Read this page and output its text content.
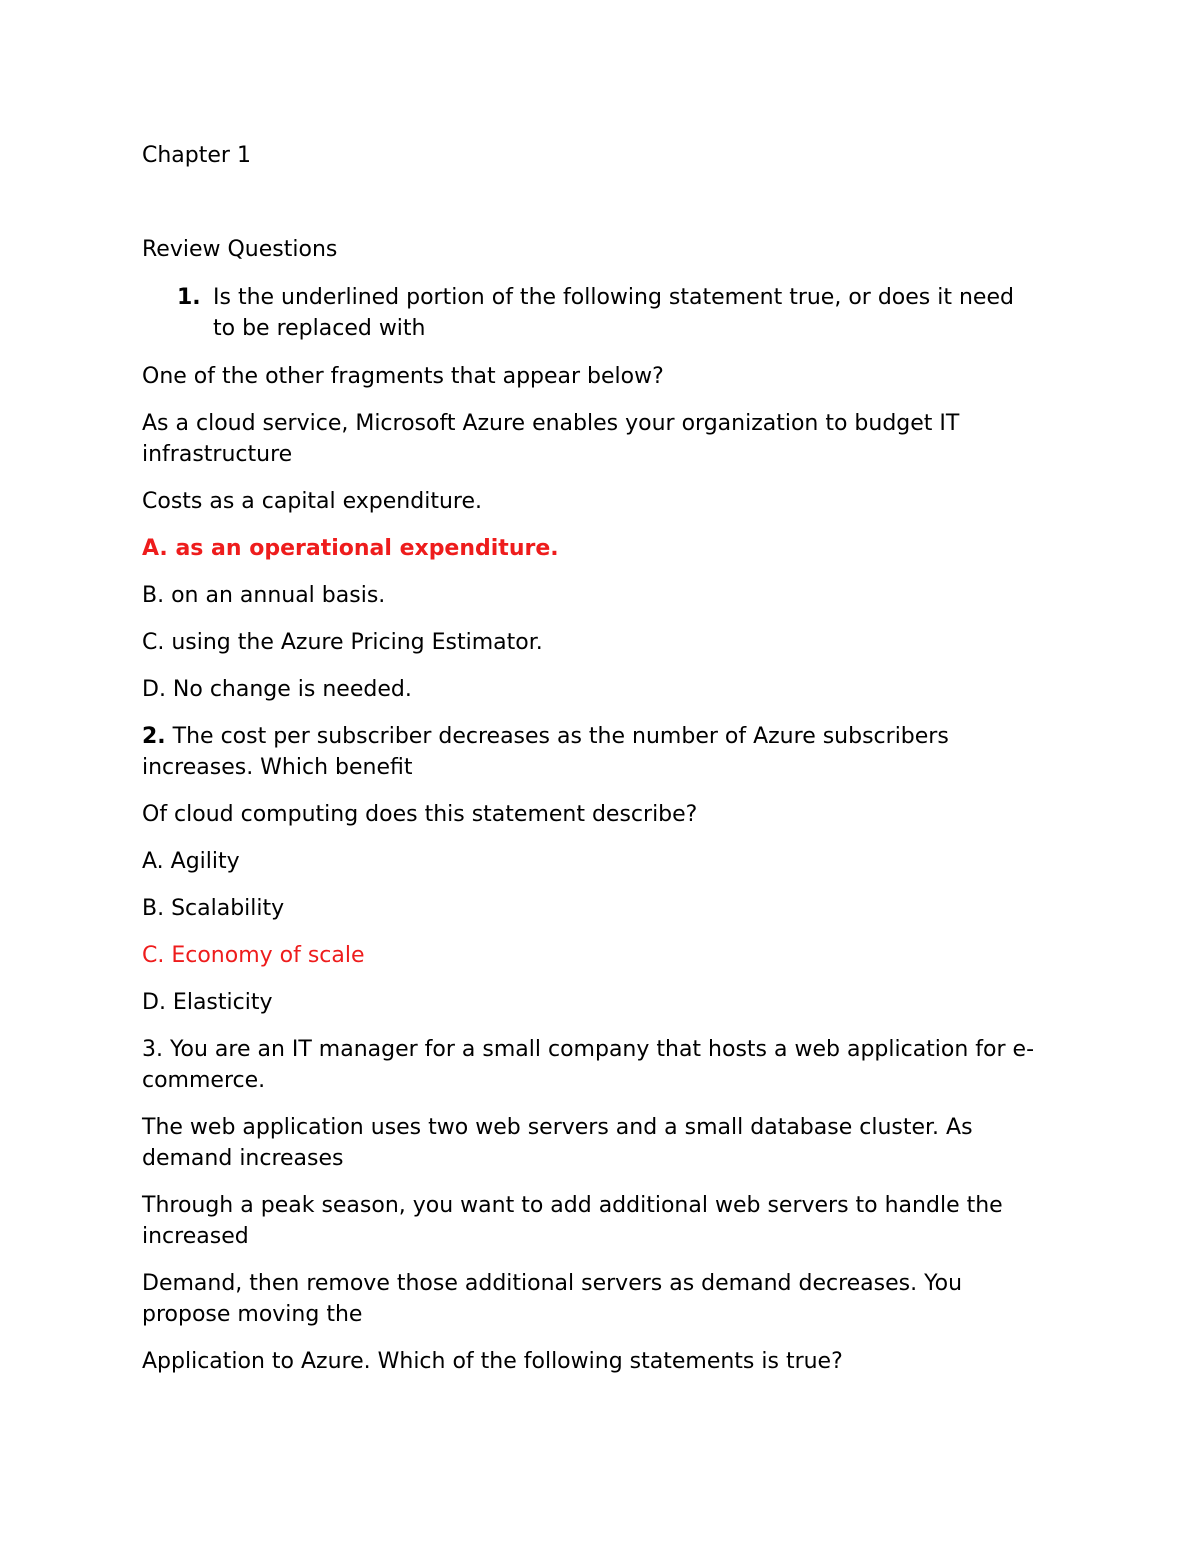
Chapter 1

Review Questions

1. Is the underlined portion of the following statement true, or does it need to be replaced with

One of the other fragments that appear below?

As a cloud service, Microsoft Azure enables your organization to budget IT infrastructure

Costs as a capital expenditure.

A. as an operational expenditure.

B. on an annual basis.

C. using the Azure Pricing Estimator.

D. No change is needed.

2. The cost per subscriber decreases as the number of Azure subscribers increases. Which benefit

Of cloud computing does this statement describe?

A. Agility

B. Scalability

C. Economy of scale

D. Elasticity

3. You are an IT manager for a small company that hosts a web application for e-commerce.

The web application uses two web servers and a small database cluster. As demand increases

Through a peak season, you want to add additional web servers to handle the increased

Demand, then remove those additional servers as demand decreases. You propose moving the

Application to Azure. Which of the following statements is true?
